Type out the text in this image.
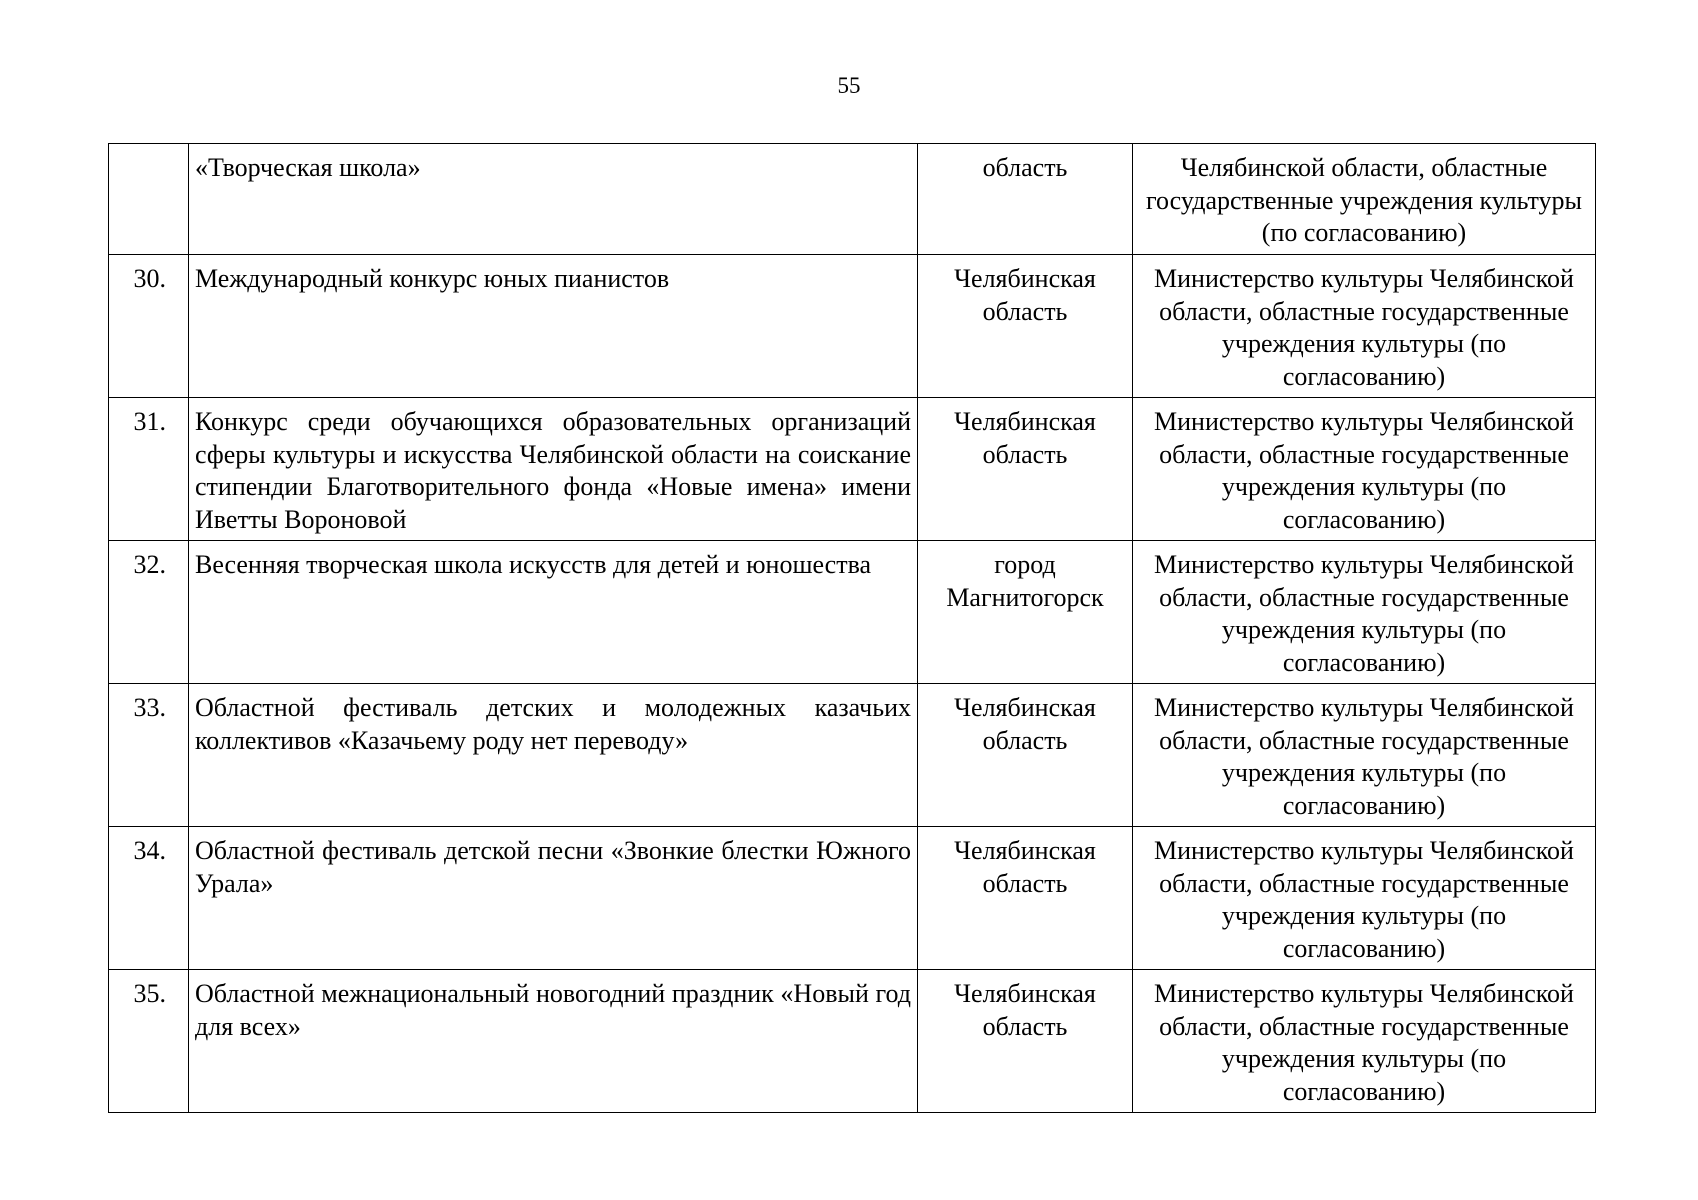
55
	«Творческая школа»	область	Челябинской области, областные государственные учреждения культуры (по согласованию)
30.	Международный конкурс юных пианистов	Челябинская область	Министерство культуры Челябинской области, областные государственные учреждения культуры (по согласованию)
31.	Конкурс среди обучающихся образовательных организаций сферы культуры и искусства Челябинской области на соискание стипендии Благотворительного фонда «Новые имена» имени Иветты Вороновой	Челябинская область	Министерство культуры Челябинской области, областные государственные учреждения культуры (по согласованию)
32.	Весенняя творческая школа искусств для детей и юношества	город Магнитогорск	Министерство культуры Челябинской области, областные государственные учреждения культуры (по согласованию)
33.	Областной фестиваль детских и молодежных казачьих коллективов «Казачьему роду нет переводу»	Челябинская область	Министерство культуры Челябинской области, областные государственные учреждения культуры (по согласованию)
34.	Областной фестиваль детской песни «Звонкие блестки Южного Урала»	Челябинская область	Министерство культуры Челябинской области, областные государственные учреждения культуры (по согласованию)
35.	Областной межнациональный новогодний праздник «Новый год для всех»	Челябинская область	Министерство культуры Челябинской области, областные государственные учреждения культуры (по согласованию)
